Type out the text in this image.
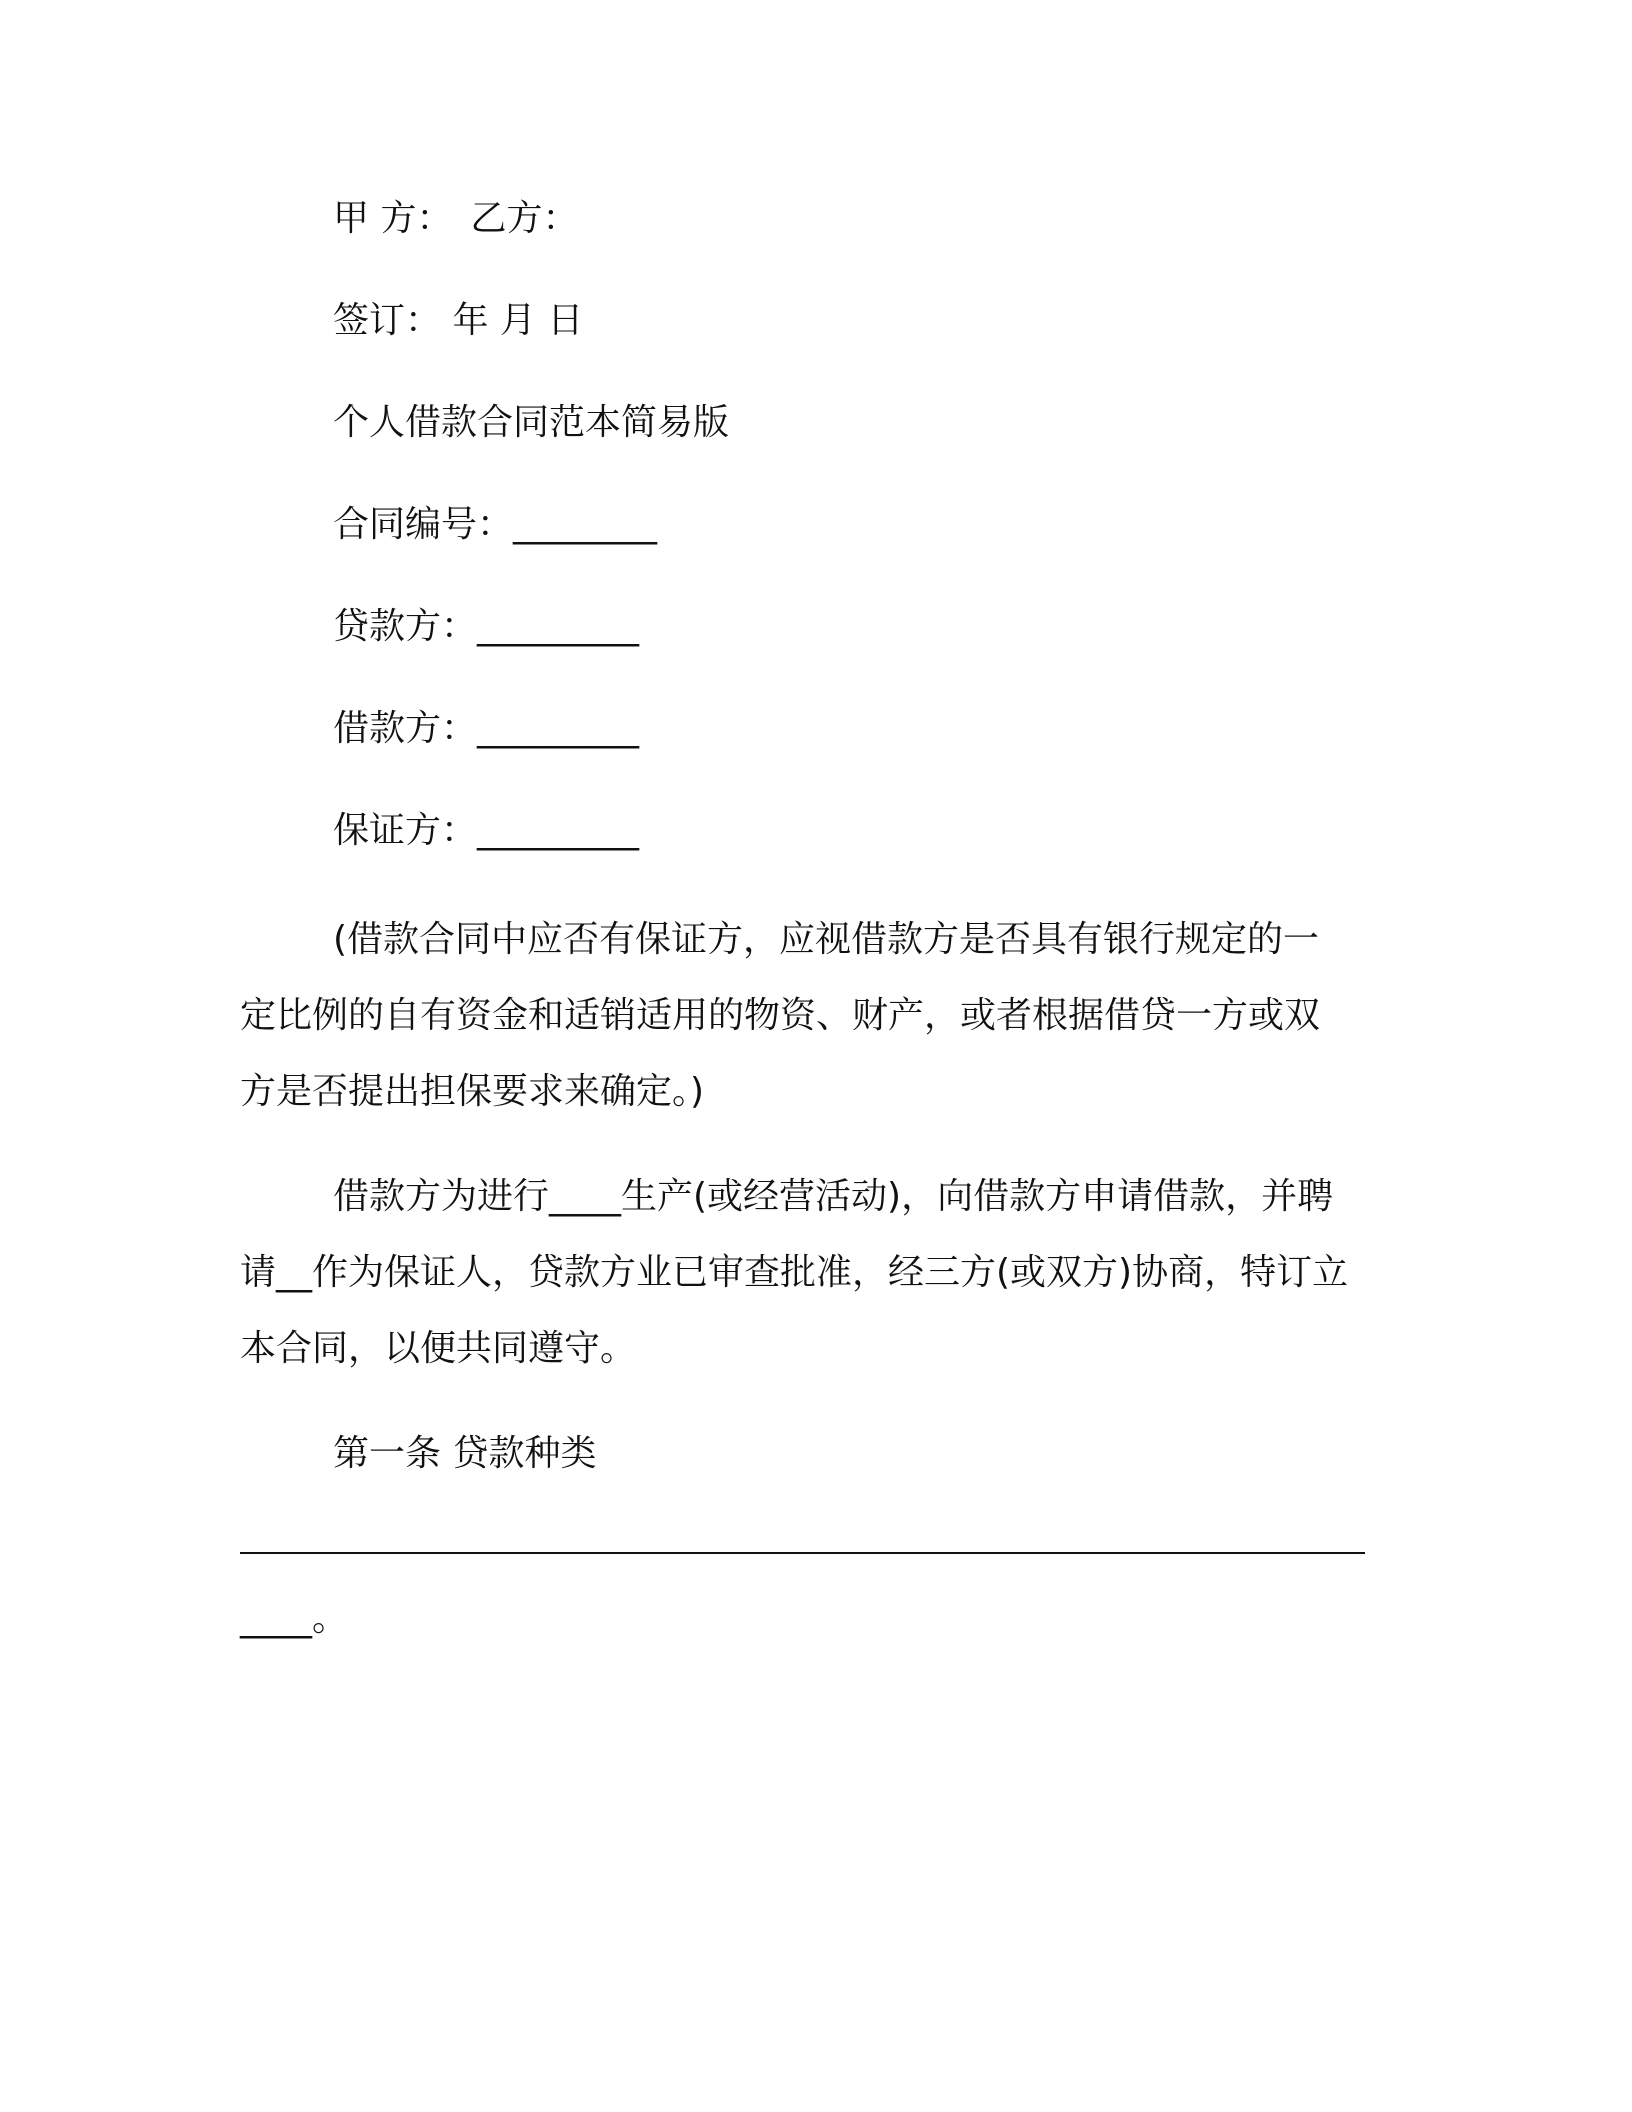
甲 方： 乙方：

签订： 年 月 日

个人借款合同范本简易版

合同编号：________

贷款方：_________

借款方：_________

保证方：_________

(借款合同中应否有保证方，应视借款方是否具有银行规定的一

定比例的自有资金和适销适用的物资、财产，或者根据借贷一方或双

方是否提出担保要求来确定。)

借款方为进行____生产(或经营活动)，向借款方申请借款，并聘

请__作为保证人，贷款方业已审查批准，经三方(或双方)协商，特订立

本合同，以便共同遵守。

第一条 贷款种类

____。
